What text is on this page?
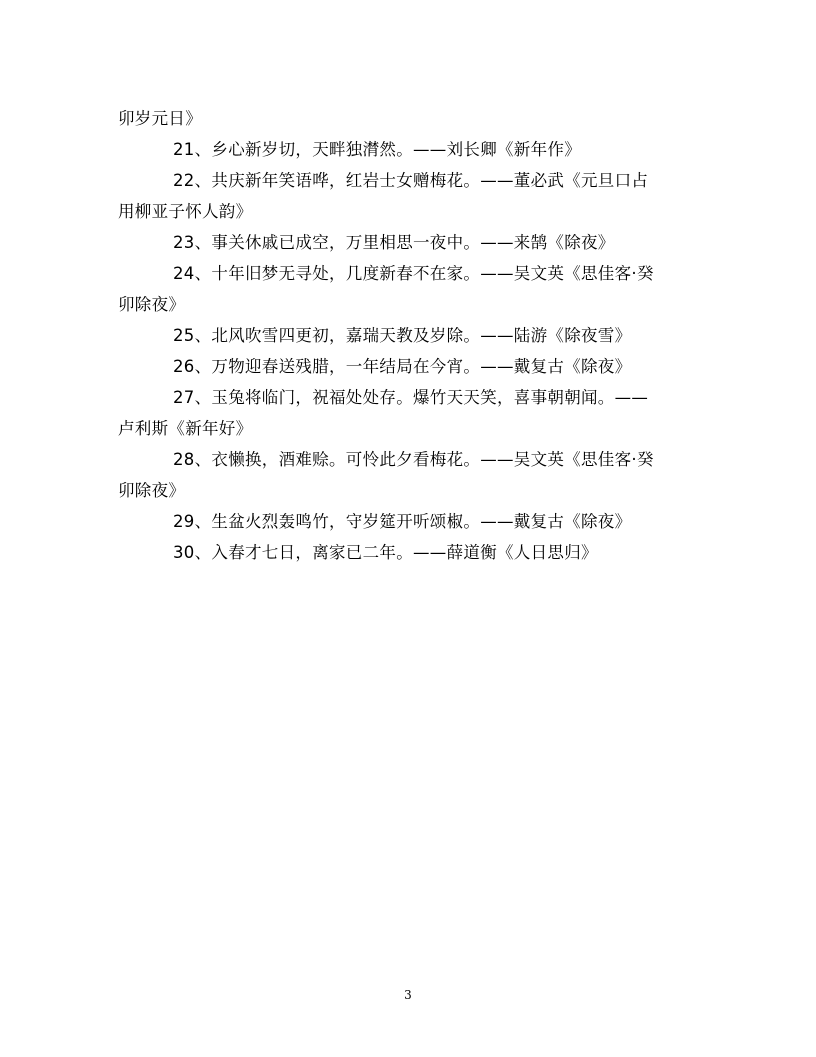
卯岁元日》
21、乡心新岁切，天畔独潸然。——刘长卿《新年作》
22、共庆新年笑语哗，红岩士女赠梅花。——董必武《元旦口占
用柳亚子怀人韵》
23、事关休戚已成空，万里相思一夜中。——来鹄《除夜》
24、十年旧梦无寻处，几度新春不在家。——吴文英《思佳客·癸
卯除夜》
25、北风吹雪四更初，嘉瑞天教及岁除。——陆游《除夜雪》
26、万物迎春送残腊，一年结局在今宵。——戴复古《除夜》
27、玉兔将临门，祝福处处存。爆竹天天笑，喜事朝朝闻。——
卢利斯《新年好》
28、衣懒换，酒难赊。可怜此夕看梅花。——吴文英《思佳客·癸
卯除夜》
29、生盆火烈轰鸣竹，守岁筵开听颂椒。——戴复古《除夜》
30、入春才七日，离家已二年。——薛道衡《人日思归》
3
